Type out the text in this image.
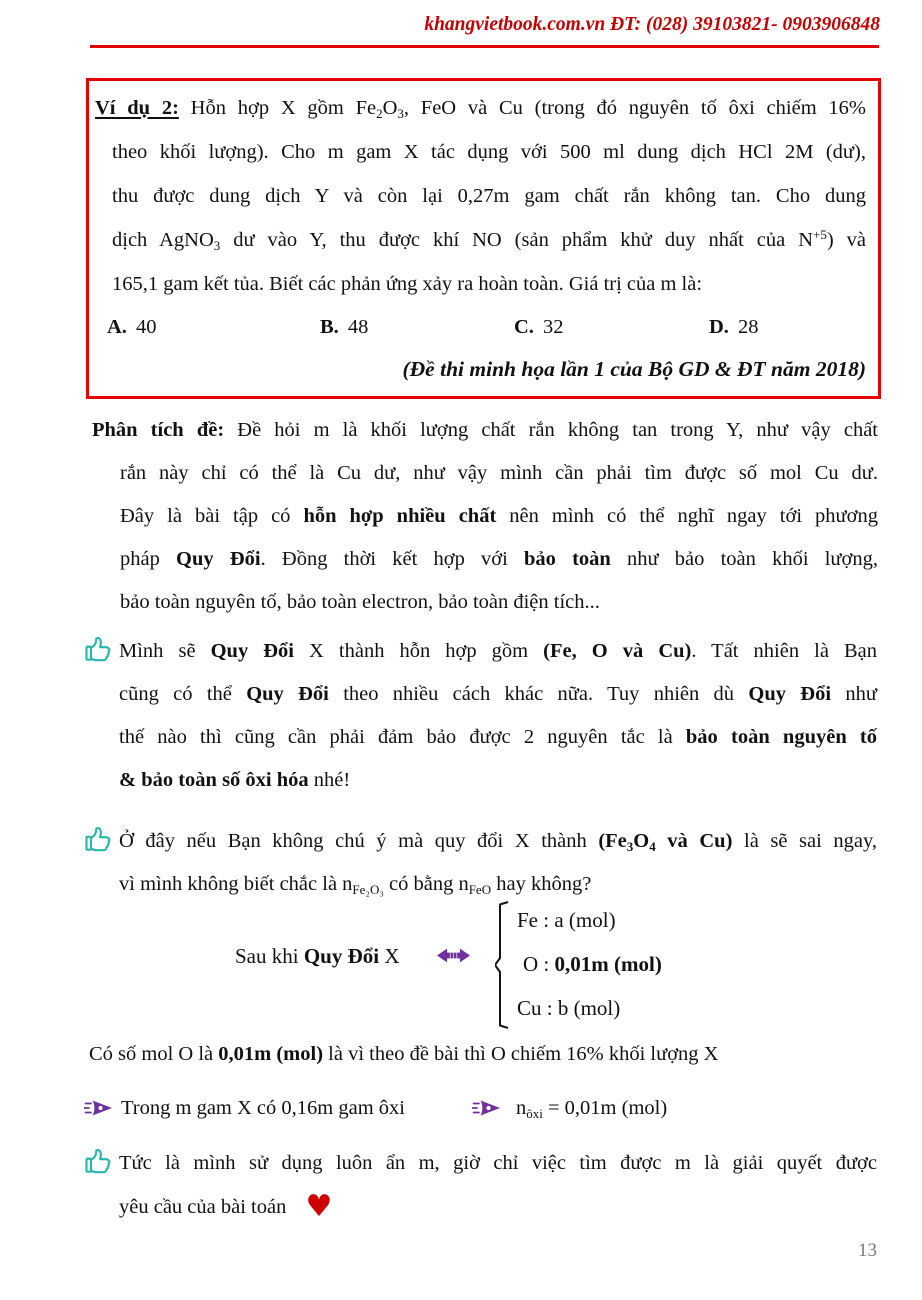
khangvietbook.com.vn ĐT: (028) 39103821- 0903906848
Ví dụ 2: Hỗn hợp X gồm $Fe_2O_3$, FeO và Cu (trong đó nguyên tố ôxi chiếm 16%
theo khối lượng). Cho m gam X tác dụng với 500 ml dung dịch HCl 2M (dư),
thu được dung dịch Y và còn lại 0,27m gam chất rắn không tan. Cho dung
dịch AgNO$_3$ dư vào Y, thu được khí NO (sản phẩm khử duy nhất của $N^{+5}$) và
165,1 gam kết tủa. Biết các phản ứng xảy ra hoàn toàn. Giá trị của m là:
A. 40	B. 48	C. 32	D. 28
(Đề thi minh họa lần 1 của Bộ GD & ĐT năm 2018)
Phân tích đề: Đề hỏi m là khối lượng chất rắn không tan trong Y, như vậy chất
rắn này chỉ có thể là Cu dư, như vậy mình cần phải tìm được số mol Cu dư.
Đây là bài tập có hỗn hợp nhiều chất nên mình có thể nghĩ ngay tới phương
pháp Quy Đổi. Đồng thời kết hợp với bảo toàn như bảo toàn khối lượng,
bảo toàn nguyên tố, bảo toàn electron, bảo toàn điện tích...
Mình sẽ Quy Đổi X thành hỗn hợp gồm (Fe, O và Cu). Tất nhiên là Bạn
cũng có thể Quy Đổi theo nhiều cách khác nữa. Tuy nhiên dù Quy Đổi như
thế nào thì cũng cần phải đảm bảo được 2 nguyên tắc là bảo toàn nguyên tố
& bảo toàn số ôxi hóa nhé!
Ở đây nếu Bạn không chú ý mà quy đổi X thành ($Fe_3O_4$ và Cu) là sẽ sai ngay,
vì mình không biết chắc là $n_{Fe_2O_3}$ có bằng $n_{FeO}$ hay không?
Sau khi Quy Đổi X
Fe : a (mol)
O : 0,01m (mol)
Cu : b (mol)
Có số mol O là 0,01m (mol) là vì theo đề bài thì O chiếm 16% khối lượng X
Trong m gam X có 0,16m gam ôxi	$n_{ôxi} = 0,01m$ (mol)
Tức là mình sử dụng luôn ẩn m, giờ chỉ việc tìm được m là giải quyết được
yêu cầu của bài toán ♥
13
